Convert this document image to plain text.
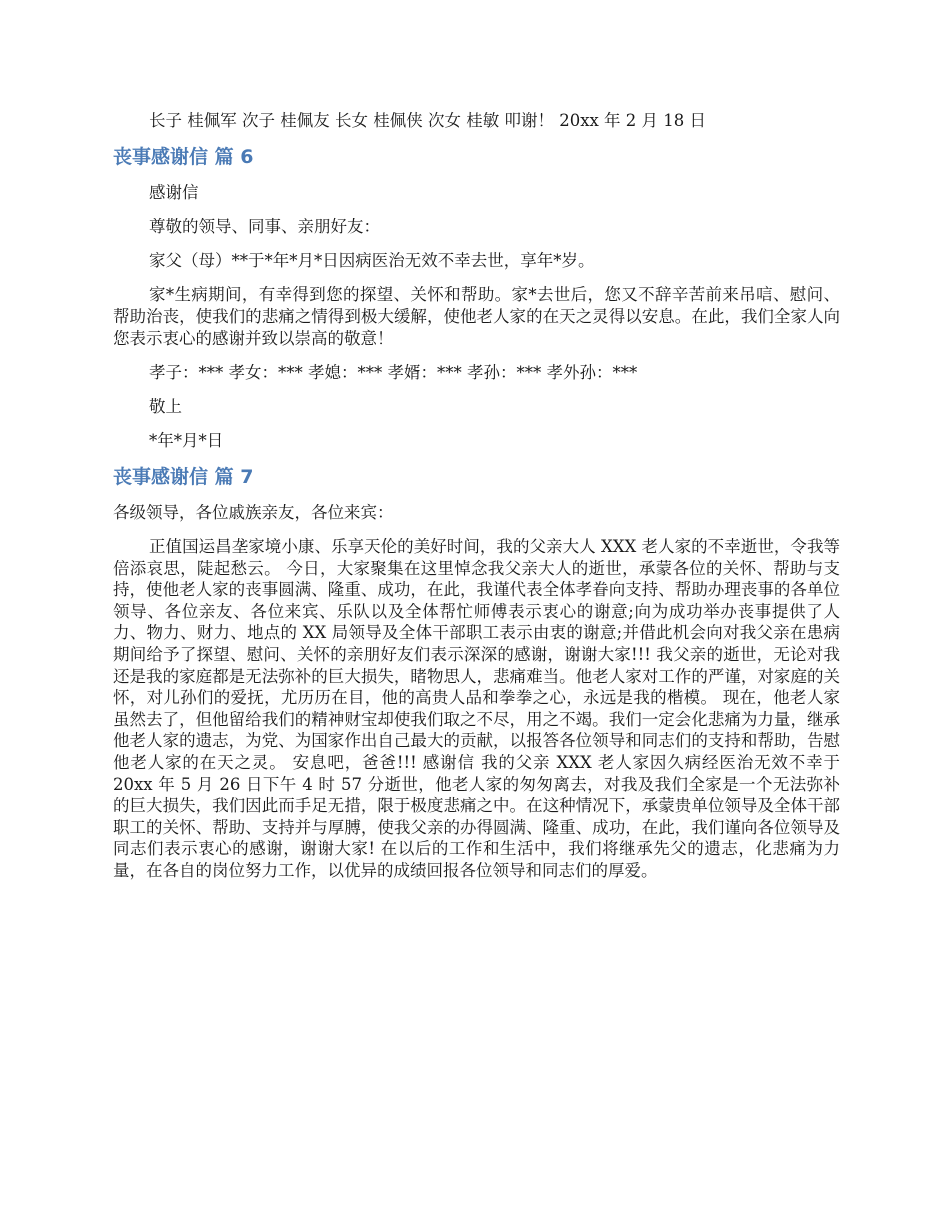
长子 桂佩军 次子 桂佩友 长女 桂佩侠 次女 桂敏 叩谢！ 20xx 年 2 月 18 日

丧事感谢信 篇 6

感谢信

尊敬的领导、同事、亲朋好友：

家父（母）**于*年*月*日因病医治无效不幸去世，享年*岁。

家*生病期间，有幸得到您的探望、关怀和帮助。家*去世后，您又不辞辛苦前来吊唁、慰问、帮助治丧，使我们的悲痛之情得到极大缓解，使他老人家的在天之灵得以安息。在此，我们全家人向您表示衷心的感谢并致以崇高的敬意！

孝子：*** 孝女：*** 孝媳：*** 孝婿：*** 孝孙：*** 孝外孙：***

敬上

*年*月*日

丧事感谢信 篇 7

各级领导，各位戚族亲友，各位来宾：

正值国运昌垄家境小康、乐享天伦的美好时间，我的父亲大人 XXX 老人家的不幸逝世，令我等倍添哀思，陡起愁云。 今日，大家聚集在这里悼念我父亲大人的逝世，承蒙各位的关怀、帮助与支持，使他老人家的丧事圆满、隆重、成功，在此，我谨代表全体孝眷向支持、帮助办理丧事的各单位领导、各位亲友、各位来宾、乐队以及全体帮忙师傅表示衷心的谢意;向为成功举办丧事提供了人力、物力、财力、地点的 XX 局领导及全体干部职工表示由衷的谢意;并借此机会向对我父亲在患病期间给予了探望、慰问、关怀的亲朋好友们表示深深的感谢，谢谢大家!!! 我父亲的逝世，无论对我还是我的家庭都是无法弥补的巨大损失，睹物思人，悲痛难当。他老人家对工作的严谨，对家庭的关怀，对儿孙们的爱抚，尤历历在目，他的高贵人品和拳拳之心，永远是我的楷模。 现在，他老人家虽然去了，但他留给我们的精神财宝却使我们取之不尽，用之不竭。我们一定会化悲痛为力量，继承他老人家的遗志，为党、为国家作出自己最大的贡献，以报答各位领导和同志们的支持和帮助，告慰他老人家的在天之灵。 安息吧，爸爸!!! 感谢信 我的父亲 XXX 老人家因久病经医治无效不幸于 20xx 年 5 月 26 日下午 4 时 57 分逝世，他老人家的匆匆离去，对我及我们全家是一个无法弥补的巨大损失，我们因此而手足无措，限于极度悲痛之中。在这种情况下，承蒙贵单位领导及全体干部职工的关怀、帮助、支持并与厚膊，使我父亲的办得圆满、隆重、成功，在此，我们谨向各位领导及同志们表示衷心的感谢，谢谢大家! 在以后的工作和生活中，我们将继承先父的遗志，化悲痛为力量，在各自的岗位努力工作，以优异的成绩回报各位领导和同志们的厚爱。
